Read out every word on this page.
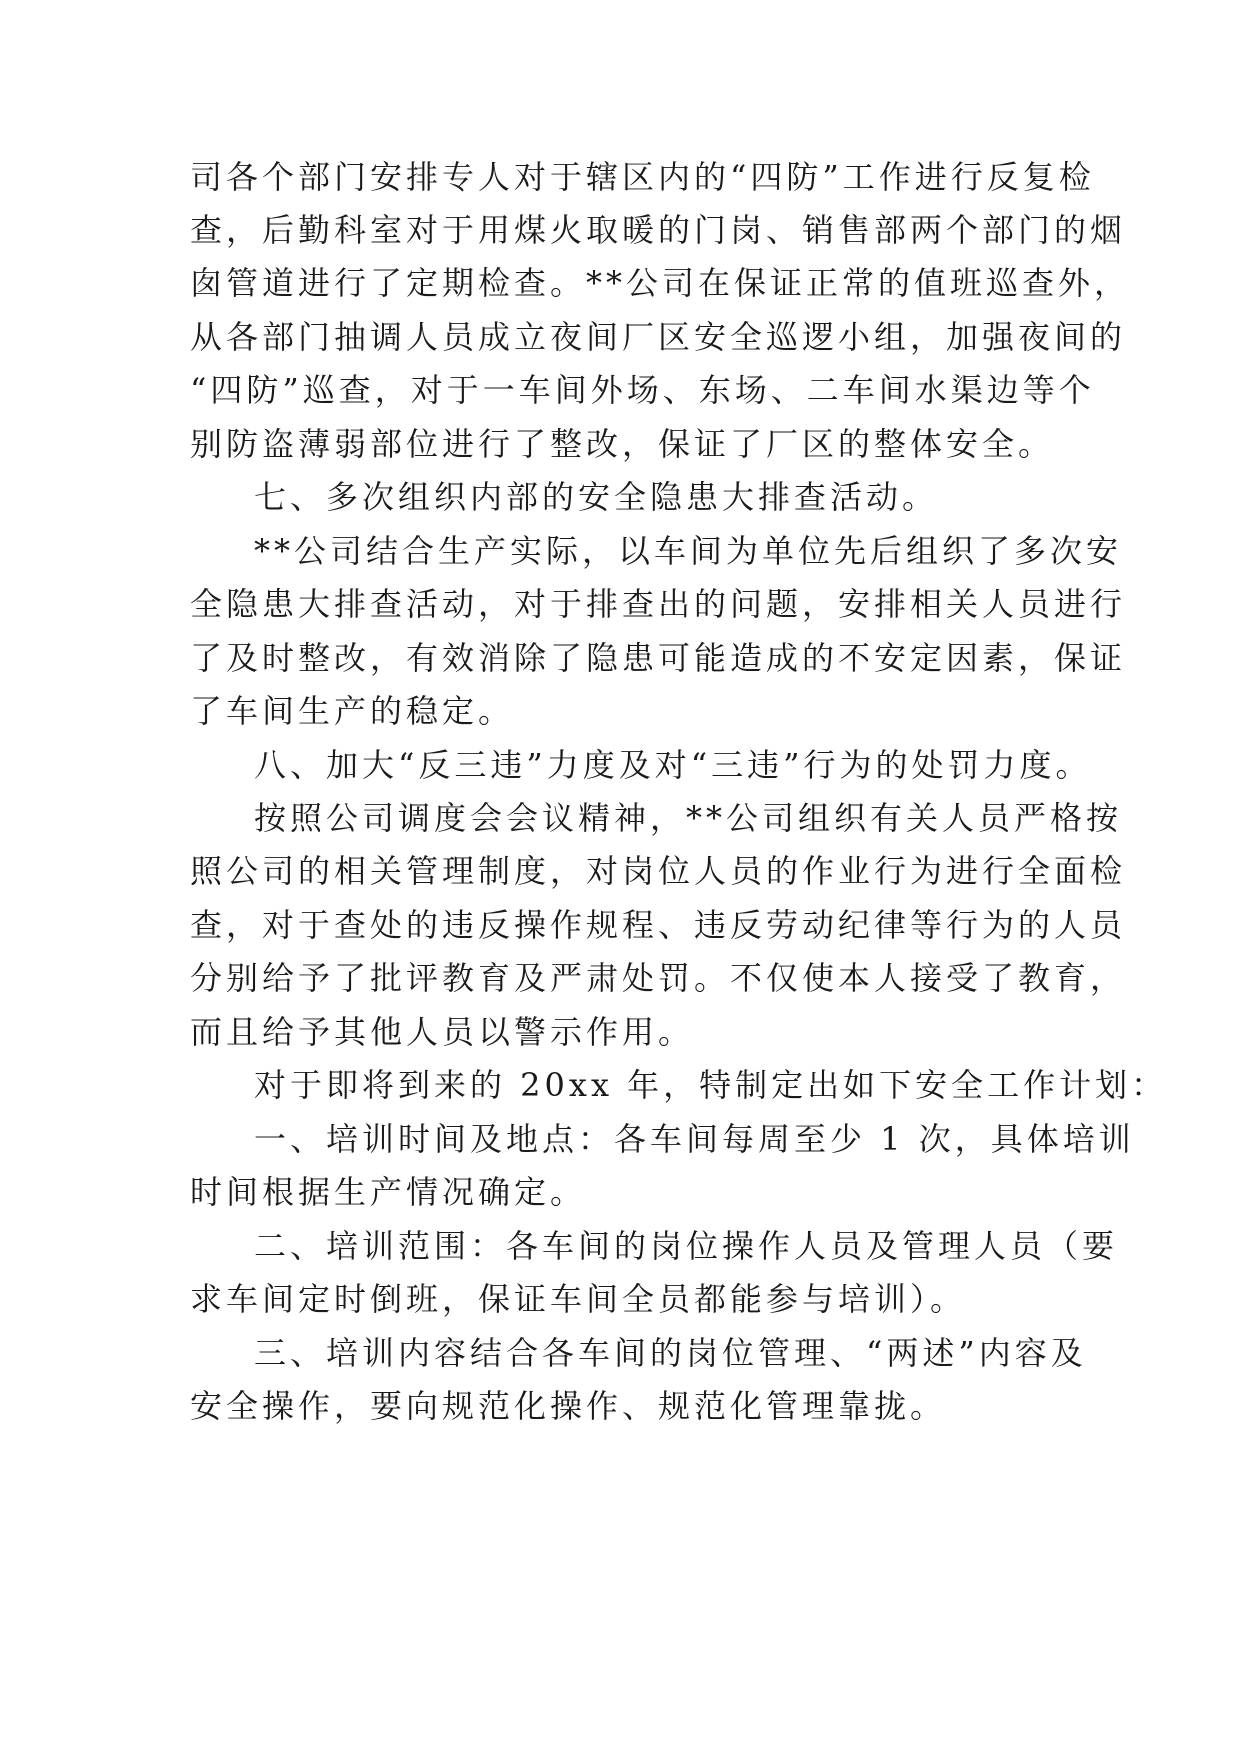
司各个部门安排专人对于辖区内的“四防”工作进行反复检
查，后勤科室对于用煤火取暖的门岗、销售部两个部门的烟
囱管道进行了定期检查。**公司在保证正常的值班巡查外，
从各部门抽调人员成立夜间厂区安全巡逻小组，加强夜间的
“四防”巡查，对于一车间外场、东场、二车间水渠边等个
别防盗薄弱部位进行了整改，保证了厂区的整体安全。
七、多次组织内部的安全隐患大排查活动。
**公司结合生产实际，以车间为单位先后组织了多次安
全隐患大排查活动，对于排查出的问题，安排相关人员进行
了及时整改，有效消除了隐患可能造成的不安定因素，保证
了车间生产的稳定。
八、加大“反三违”力度及对“三违”行为的处罚力度。
按照公司调度会会议精神，**公司组织有关人员严格按
照公司的相关管理制度，对岗位人员的作业行为进行全面检
查，对于查处的违反操作规程、违反劳动纪律等行为的人员
分别给予了批评教育及严肃处罚。不仅使本人接受了教育，
而且给予其他人员以警示作用。
对于即将到来的 20xx 年，特制定出如下安全工作计划：
一、培训时间及地点：各车间每周至少 1 次，具体培训
时间根据生产情况确定。
二、培训范围：各车间的岗位操作人员及管理人员（要
求车间定时倒班，保证车间全员都能参与培训）。
三、培训内容结合各车间的岗位管理、“两述”内容及
安全操作，要向规范化操作、规范化管理靠拢。
